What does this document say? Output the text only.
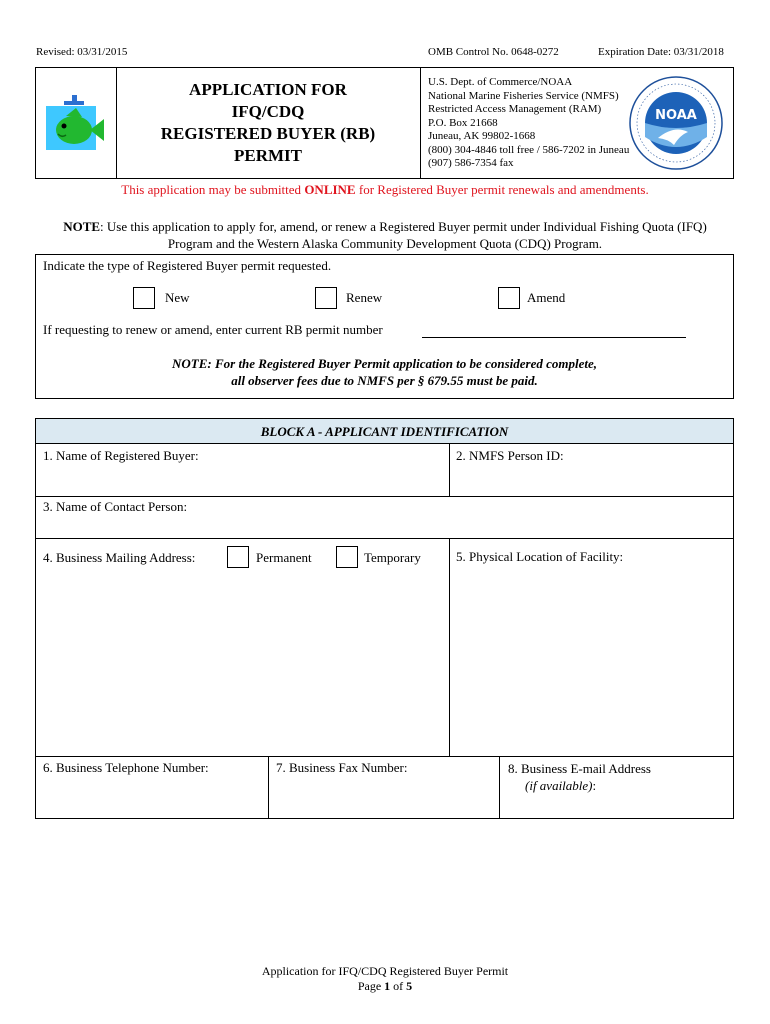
Revised: 03/31/2015	OMB Control No. 0648-0272	Expiration Date: 03/31/2018
APPLICATION FOR
IFQ/CDQ
REGISTERED BUYER (RB)
PERMIT
U.S. Dept. of Commerce/NOAA
National Marine Fisheries Service (NMFS)
Restricted Access Management (RAM)
P.O. Box 21668
Juneau, AK 99802-1668
(800) 304-4846 toll free / 586-7202 in Juneau
(907) 586-7354 fax
NOAA
This application may be submitted ONLINE for Registered Buyer permit renewals and amendments.
NOTE: Use this application to apply for, amend, or renew a Registered Buyer permit under Individual Fishing Quota (IFQ) Program and the Western Alaska Community Development Quota (CDQ) Program.
Indicate the type of Registered Buyer permit requested.
New	Renew	Amend
If requesting to renew or amend, enter current RB permit number
NOTE: For the Registered Buyer Permit application to be considered complete,
all observer fees due to NMFS per § 679.55 must be paid.
BLOCK A - APPLICANT IDENTIFICATION
1. Name of Registered Buyer:	2. NMFS Person ID:
3. Name of Contact Person:
4. Business Mailing Address:	Permanent	Temporary	5. Physical Location of Facility:
6. Business Telephone Number:	7. Business Fax Number:	8. Business E-mail Address
(if available):
Application for IFQ/CDQ Registered Buyer Permit
Page 1 of 5
